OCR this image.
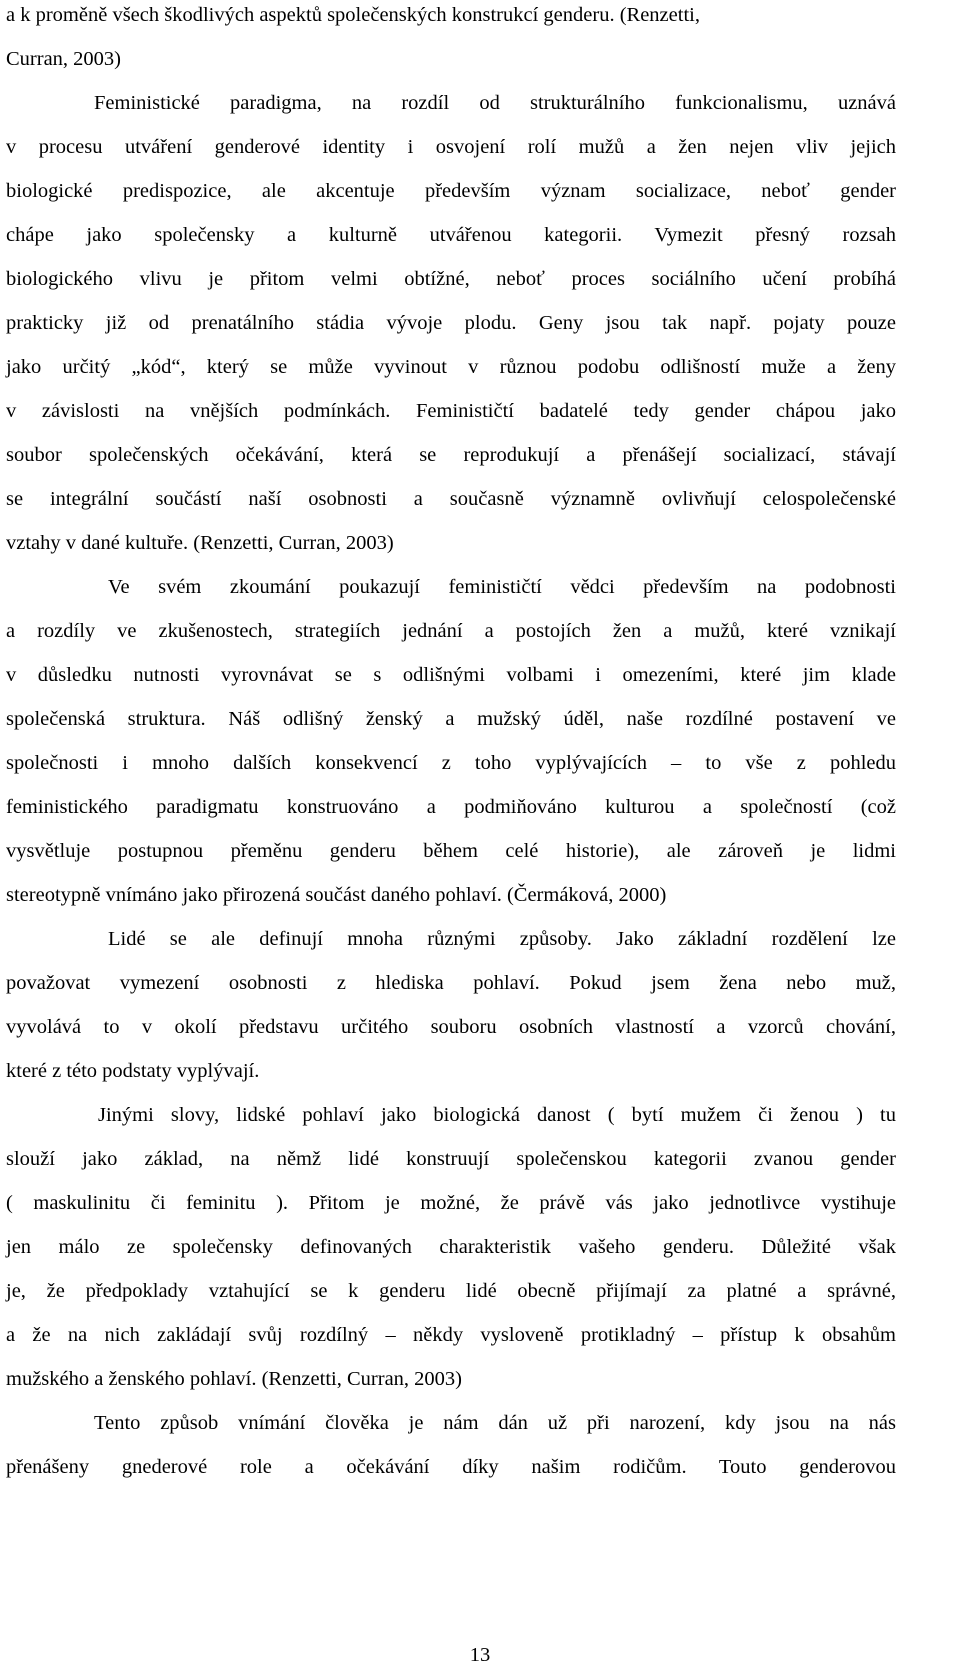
a k proměně všech škodlivých aspektů společenských konstrukcí genderu. (Renzetti,
Curran, 2003)
Feministické paradigma, na rozdíl od strukturálního funkcionalismu, uznává
v procesu utváření genderové identity i osvojení rolí mužů a žen nejen vliv jejich
biologické predispozice, ale akcentuje především význam socializace, neboť gender
chápe jako společensky a kulturně utvářenou kategorii. Vymezit přesný rozsah
biologického vlivu je přitom velmi obtížné, neboť proces sociálního učení probíhá
prakticky již od prenatálního stádia vývoje plodu. Geny jsou tak např. pojaty pouze
jako určitý „kód“, který se může vyvinout v různou podobu odlišností muže a ženy
v závislosti na vnějších podmínkách. Feminističtí badatelé tedy gender chápou jako
soubor společenských očekávání, která se reprodukují a přenášejí socializací, stávají
se integrální součástí naší osobnosti a současně významně ovlivňují celospolečenské
vztahy v dané kultuře. (Renzetti, Curran, 2003)
Ve svém zkoumání poukazují feminističtí vědci především na podobnosti
a rozdíly ve zkušenostech, strategiích jednání a postojích žen a mužů, které vznikají
v důsledku nutnosti vyrovnávat se s odlišnými volbami i omezeními, které jim klade
společenská struktura. Náš odlišný ženský a mužský úděl, naše rozdílné postavení ve
společnosti i mnoho dalších konsekvencí z toho vyplývajících – to vše z pohledu
feministického paradigmatu konstruováno a podmiňováno kulturou a společností (což
vysvětluje postupnou přeměnu genderu během celé historie), ale zároveň je lidmi
stereotypně vnímáno jako přirozená součást daného pohlaví. (Čermáková, 2000)
Lidé se ale definují mnoha různými způsoby. Jako základní rozdělení lze
považovat vymezení osobnosti z hlediska pohlaví. Pokud jsem žena nebo muž,
vyvolává to v okolí představu určitého souboru osobních vlastností a vzorců chování,
které z této podstaty vyplývají.
Jinými slovy, lidské pohlaví jako biologická danost ( bytí mužem či ženou ) tu
slouží jako základ, na němž lidé konstruují společenskou kategorii zvanou gender
( maskulinitu či feminitu ). Přitom je možné, že právě vás jako jednotlivce vystihuje
jen málo ze společensky definovaných charakteristik vašeho genderu. Důležité však
je, že předpoklady vztahující se k genderu lidé obecně přijímají za platné a správné,
a že na nich zakládají svůj rozdílný – někdy vysloveně protikladný – přístup k obsahům
mužského a ženského pohlaví. (Renzetti, Curran, 2003)
Tento způsob vnímání člověka je nám dán už při narození, kdy jsou na nás
přenášeny gnederové role a očekávání díky našim rodičům. Touto genderovou
13
